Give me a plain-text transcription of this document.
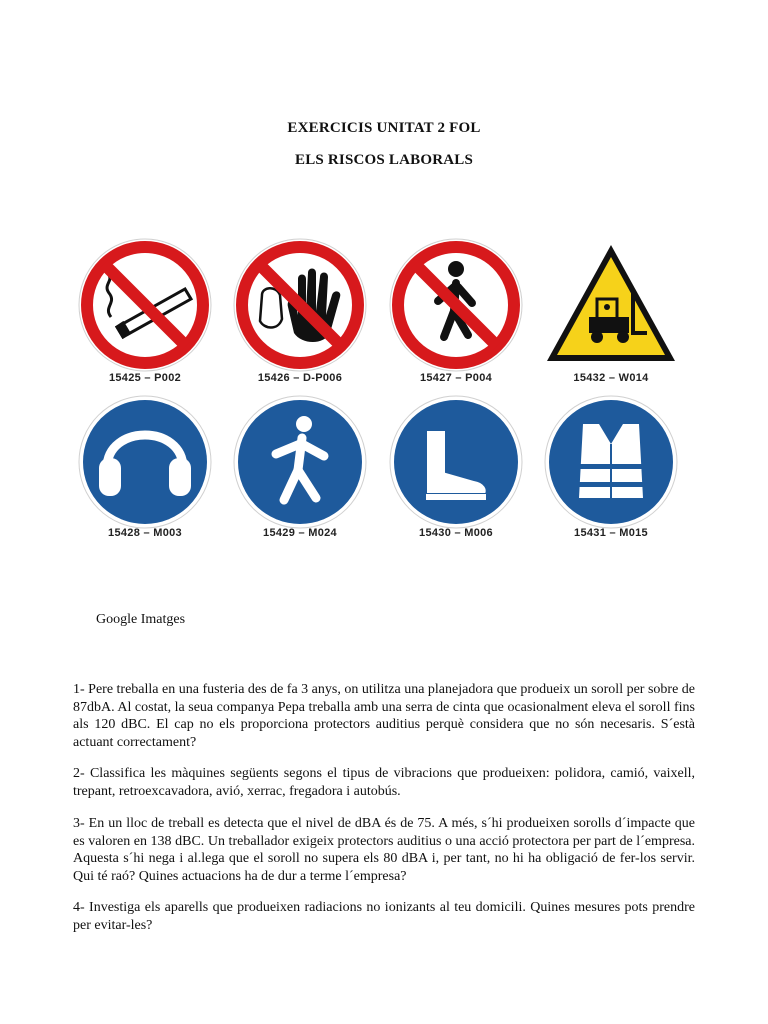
EXERCICIS UNITAT 2 FOL
ELS RISCOS LABORALS
15425 – P002	15426 – D-P006	15427 – P004	15432 – W014
15428 – M003	15429 – M024	15430 – M006	15431 – M015
Google Imatges

1- Pere treballa en una fusteria des de fa 3 anys, on utilitza una planejadora que produeix un soroll per sobre de 87dbA. Al costat, la seua companya Pepa treballa amb una serra de cinta que ocasionalment eleva el soroll fins als 120 dBC. El cap no els proporciona protectors auditius perquè considera que no són necesaris. S´està actuant correctament?

2- Classifica les màquines següents segons el tipus de vibracions que produeixen: polidora, camió, vaixell, trepant, retroexcavadora, avió, xerrac, fregadora i autobús.

3- En un lloc de treball es detecta que el nivel de dBA és de 75. A més, s´hi produeixen sorolls d´impacte que es valoren en 138 dBC. Un treballador exigeix protectors auditius o una acció protectora per part de l´empresa. Aquesta s´hi nega i al.lega que el soroll no supera els 80 dBA i, per tant, no hi ha obligació de fer-los servir. Qui té raó? Quines actuacions ha de dur a terme l´empresa?

4- Investiga els aparells que produeixen radiacions no ionizants al teu domicili. Quines mesures pots prendre per evitar-les?
